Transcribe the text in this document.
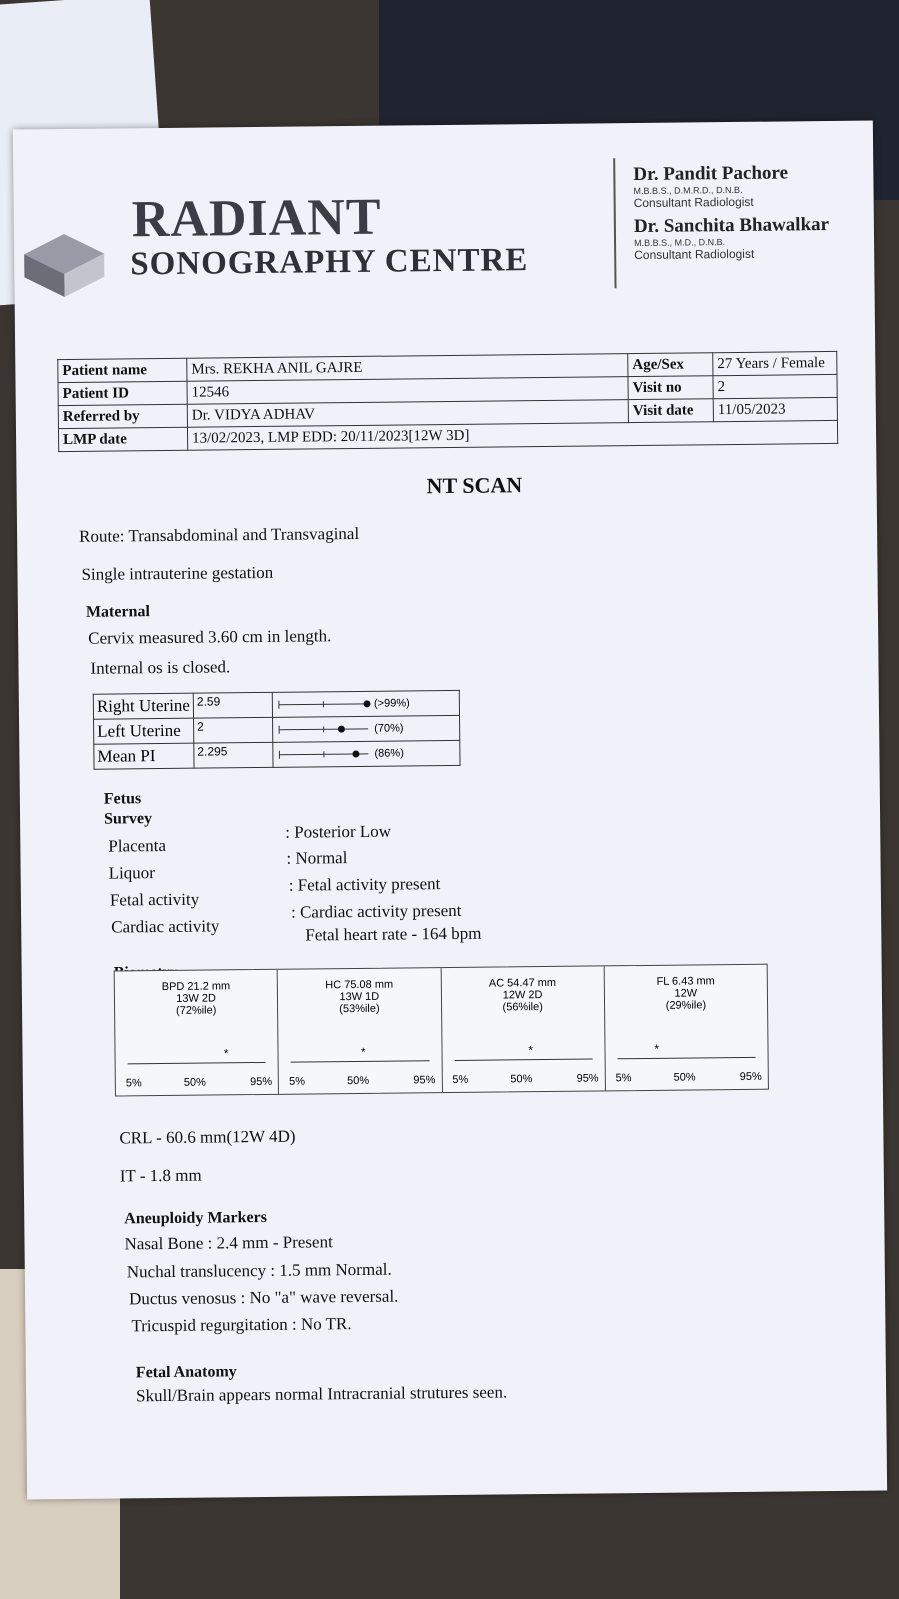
RADIANT
SONOGRAPHY CENTRE
Dr. Pandit Pachore
M.B.B.S., D.M.R.D., D.N.B.
Consultant Radiologist
Dr. Sanchita Bhawalkar
M.B.B.S., M.D., D.N.B.
Consultant Radiologist
Patient name	Mrs. REKHA ANIL GAJRE	Age/Sex	27 Years / Female
Patient ID	12546	Visit no	2
Referred by	Dr. VIDYA ADHAV	Visit date	11/05/2023
LMP date	13/02/2023, LMP EDD: 20/11/2023[12W 3D]		
NT SCAN
Route: Transabdominal and Transvaginal
Single intrauterine gestation
Maternal
Cervix measured 3.60 cm in length.
Internal os is closed.
Right Uterine	2.59	(>99%)
Left Uterine	2	(70%)
Mean PI	2.295	(86%)
Fetus
Survey
Placenta
: Posterior Low
Liquor
: Normal
Fetal activity
: Fetal activity present
Cardiac activity
: Cardiac activity present
Fetal heart rate - 164 bpm
BPD 21.2 mm
13W 2D
(72%ile)
*
5%	50%	95%
HC 75.08 mm
13W 1D
(53%ile)
*
5%	50%	95%
AC 54.47 mm
12W 2D
(56%ile)
*
5%	50%	95%
FL 6.43 mm
12W
(29%ile)
*
5%	50%	95%
CRL - 60.6 mm(12W 4D)
IT - 1.8 mm
Aneuploidy Markers
Nasal Bone : 2.4 mm - Present
Nuchal translucency : 1.5 mm Normal.
Ductus venosus : No "a" wave reversal.
Tricuspid regurgitation : No TR.
Fetal Anatomy
Skull/Brain appears normal Intracranial strutures seen.
